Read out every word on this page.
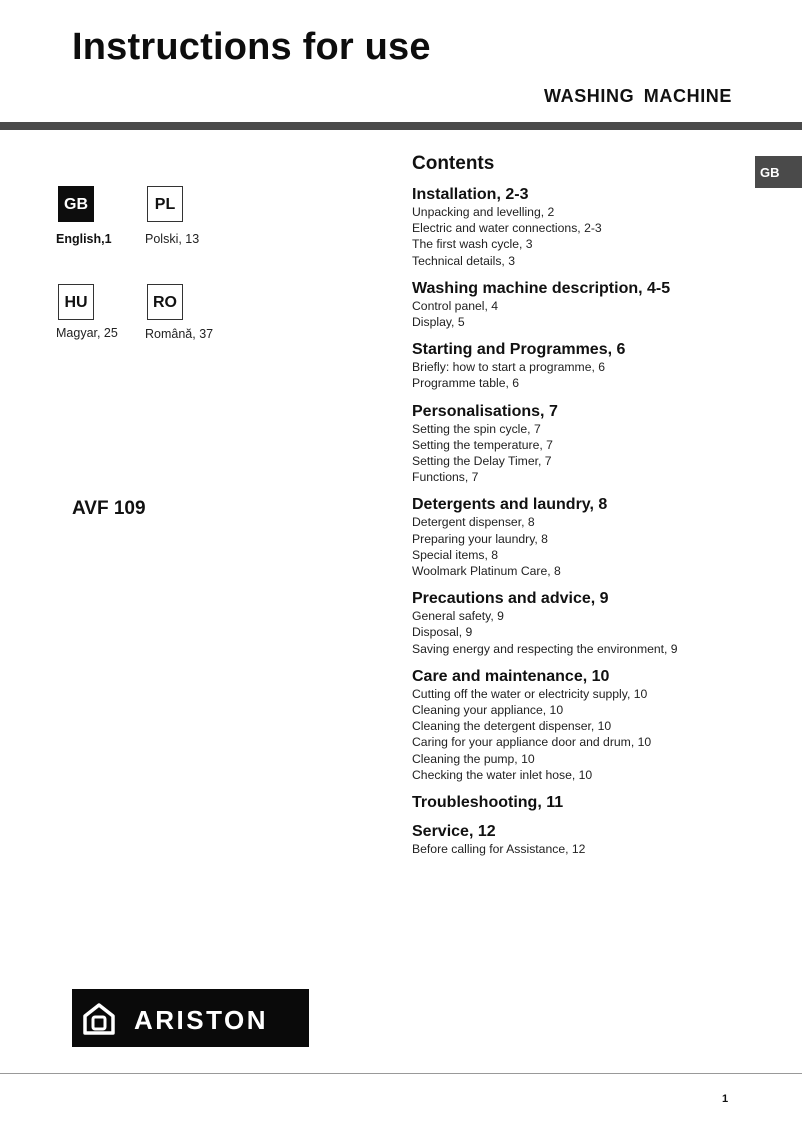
Instructions for use
WASHING MACHINE
GB
GB
English,1
PL
Polski, 13
HU
Magyar, 25
RO
Română, 37
AVF 109
Contents
Installation, 2-3
Unpacking and levelling, 2
Electric and water connections, 2-3
The first wash cycle, 3
Technical details, 3
Washing machine description, 4-5
Control panel, 4
Display, 5
Starting and Programmes, 6
Briefly: how to start a programme, 6
Programme table, 6
Personalisations, 7
Setting the spin cycle, 7
Setting the temperature, 7
Setting the Delay Timer, 7
Functions, 7
Detergents and laundry, 8
Detergent dispenser, 8
Preparing your laundry, 8
Special items, 8
Woolmark Platinum Care, 8
Precautions and advice, 9
General safety, 9
Disposal, 9
Saving energy and respecting the environment, 9
Care and maintenance, 10
Cutting off the water or electricity supply, 10
Cleaning your appliance, 10
Cleaning the detergent dispenser, 10
Caring for your appliance door and drum, 10
Cleaning the pump, 10
Checking the water inlet hose, 10
Troubleshooting, 11
Service, 12
Before calling for Assistance, 12
ARISTON
1
